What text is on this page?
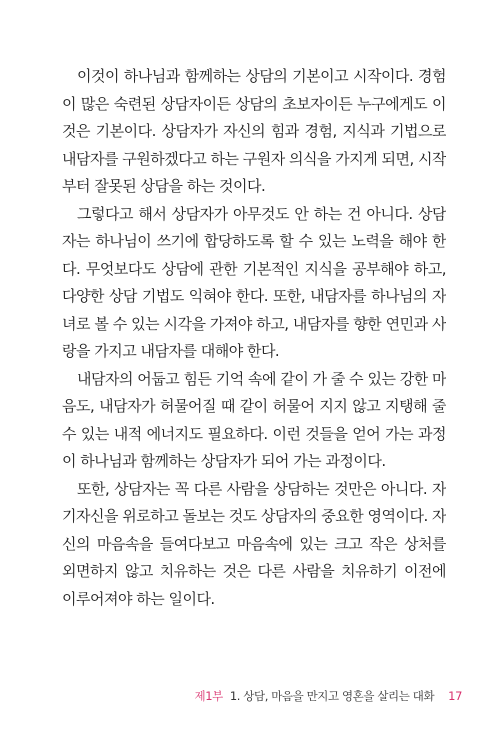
이것이 하나님과 함께하는 상담의 기본이고 시작이다. 경험
이 많은 숙련된 상담자이든 상담의 초보자이든 누구에게도 이
것은 기본이다. 상담자가 자신의 힘과 경험, 지식과 기법으로
내담자를 구원하겠다고 하는 구원자 의식을 가지게 되면, 시작
부터 잘못된 상담을 하는 것이다.
그렇다고 해서 상담자가 아무것도 안 하는 건 아니다. 상담
자는 하나님이 쓰기에 합당하도록 할 수 있는 노력을 해야 한
다. 무엇보다도 상담에 관한 기본적인 지식을 공부해야 하고,
다양한 상담 기법도 익혀야 한다. 또한, 내담자를 하나님의 자
녀로 볼 수 있는 시각을 가져야 하고, 내담자를 향한 연민과 사
랑을 가지고 내담자를 대해야 한다.
내담자의 어둡고 힘든 기억 속에 같이 가 줄 수 있는 강한 마
음도, 내담자가 허물어질 때 같이 허물어 지지 않고 지탱해 줄
수 있는 내적 에너지도 필요하다. 이런 것들을 얻어 가는 과정
이 하나님과 함께하는 상담자가 되어 가는 과정이다.
또한, 상담자는 꼭 다른 사람을 상담하는 것만은 아니다. 자
기자신을 위로하고 돌보는 것도 상담자의 중요한 영역이다. 자
신의 마음속을 들여다보고 마음속에 있는 크고 작은 상처를
외면하지 않고 치유하는 것은 다른 사람을 치유하기 이전에
이루어져야 하는 일이다.
제1부 1. 상담, 마음을 만지고 영혼을 살리는 대화 17
